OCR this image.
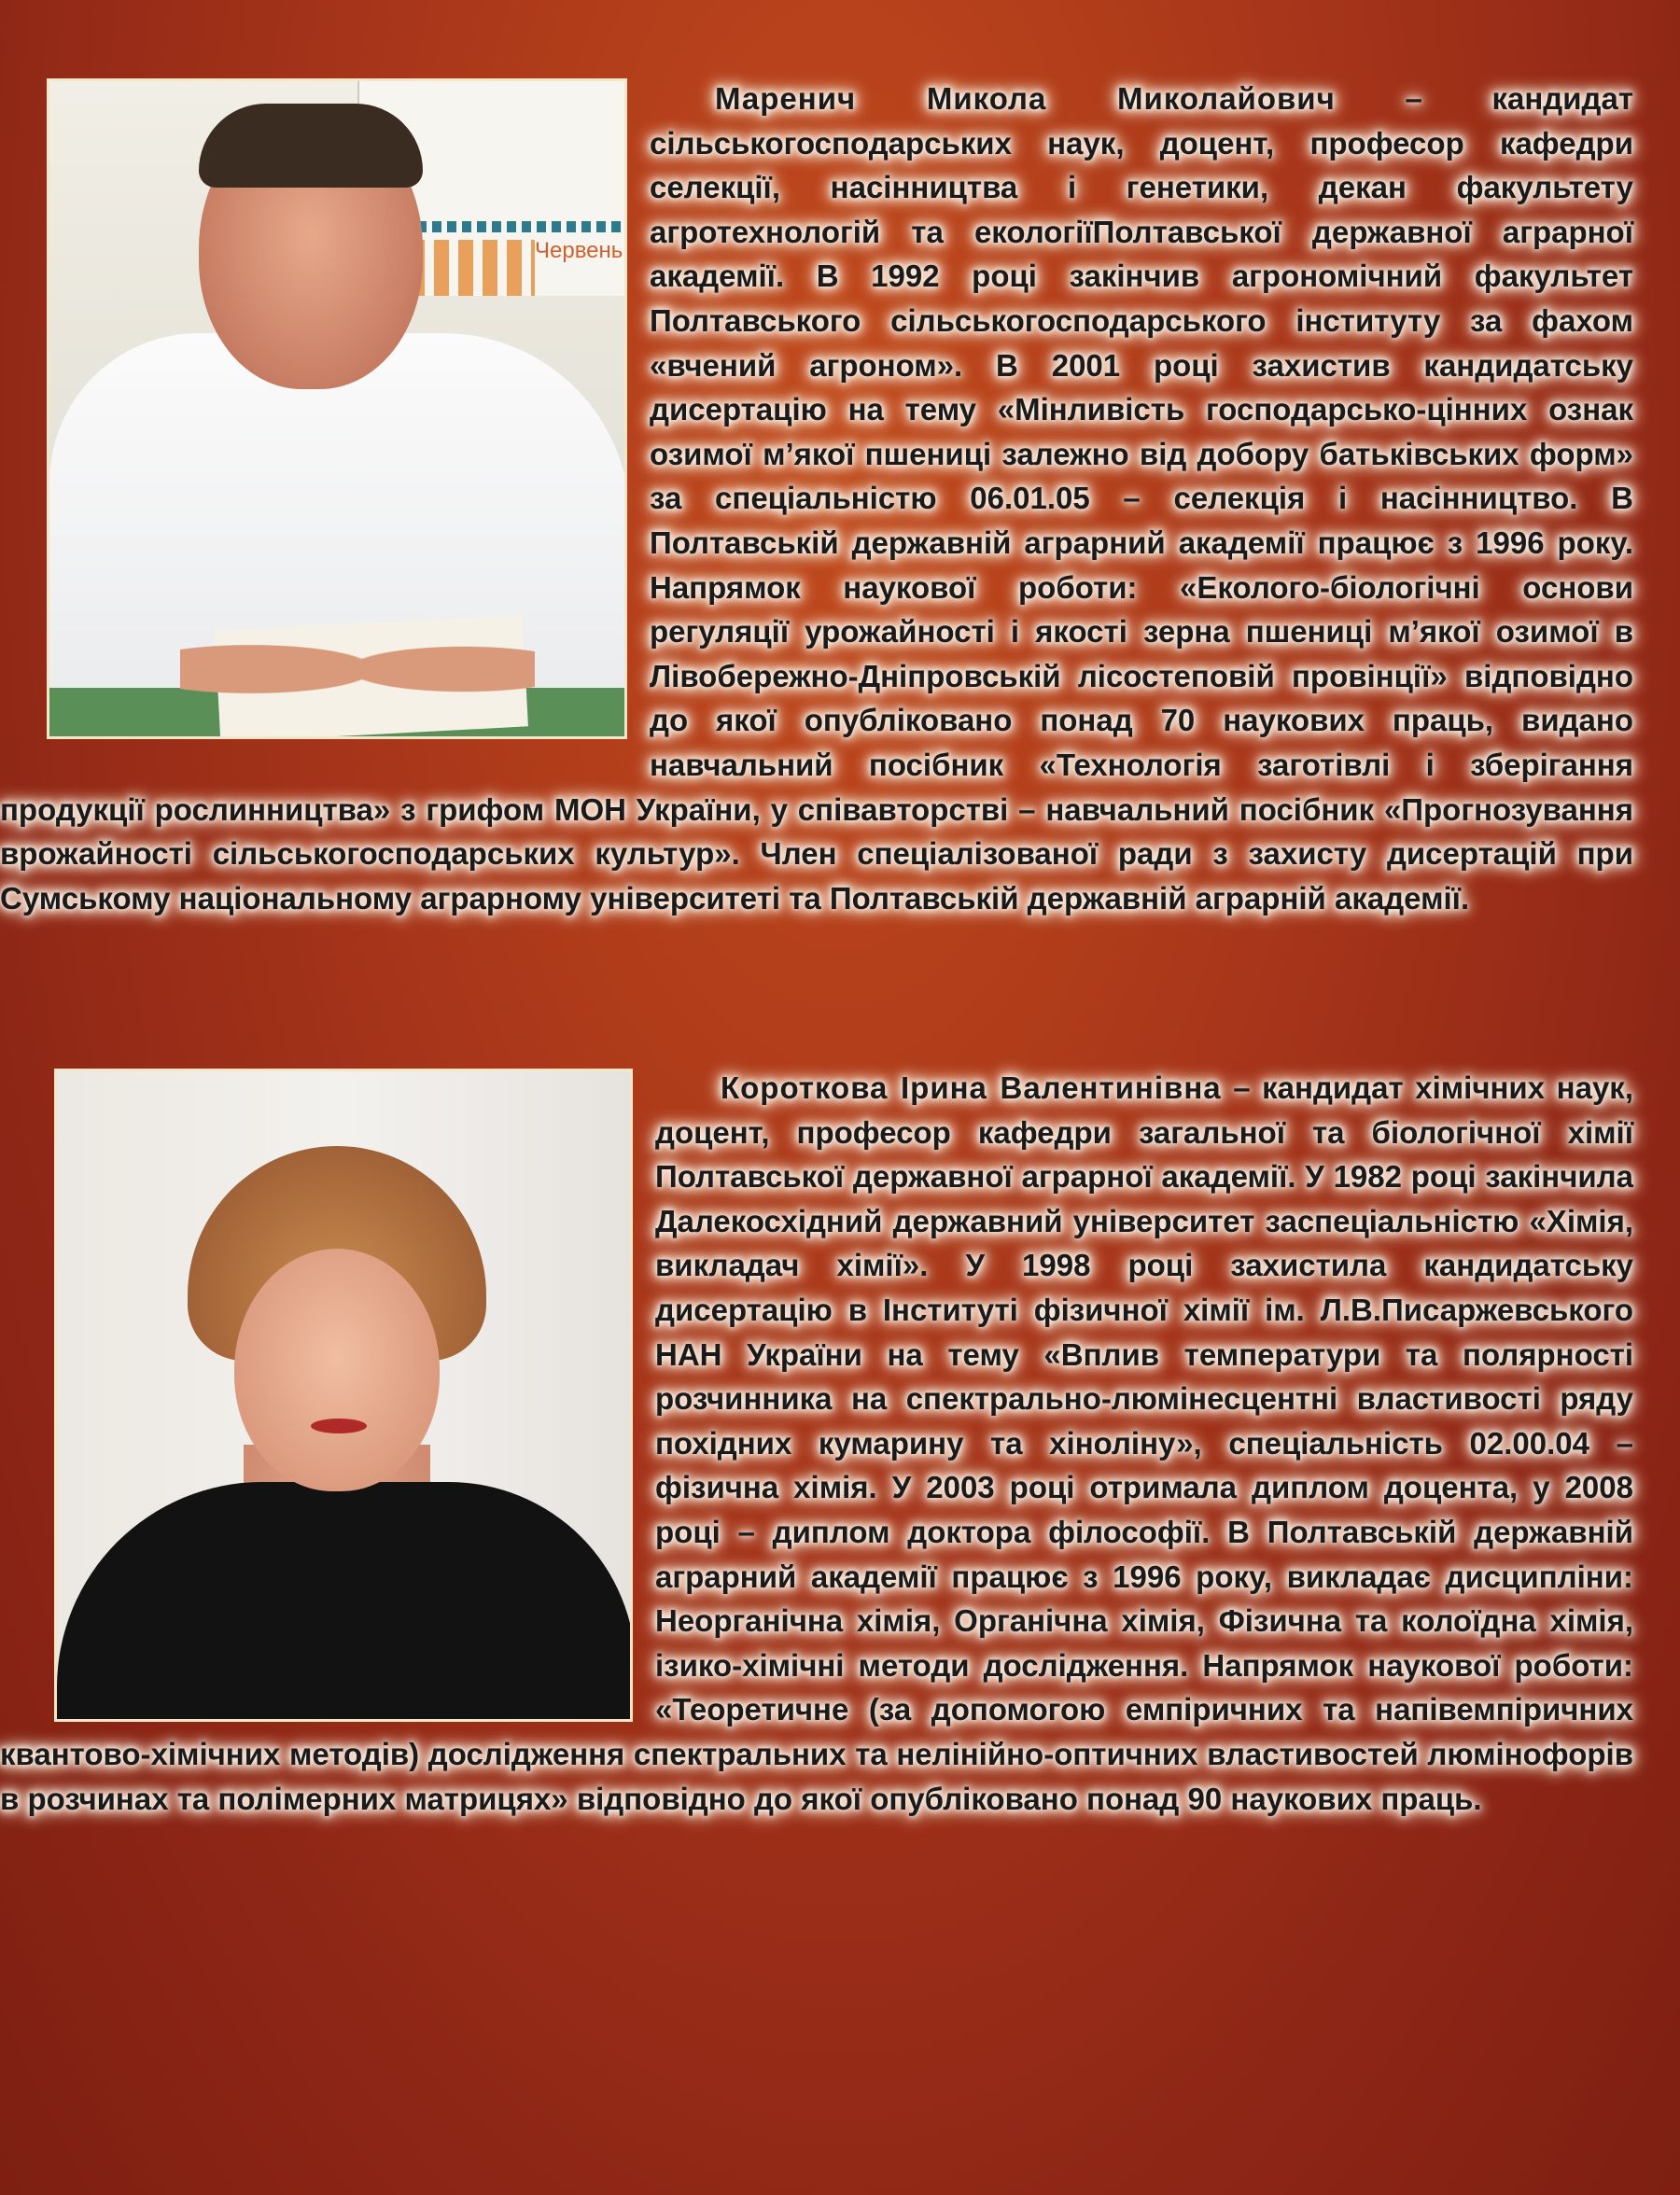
Червень

Маренич Микола Миколайович – кандидат сільськогосподарських наук, доцент, професор кафедри селекції, насінництва і генетики, декан факультету агротехнологій та екологіїПолтавської державної аграрної академії. В 1992 році закінчив агрономічний факультет Полтавського сільськогосподарського інституту за фахом «вчений агроном». В 2001 році захистив кандидатську дисертацію на тему «Мінливість господарсько-цінних ознак озимої м’якої пшениці залежно від добору батьківських форм» за спеціальністю 06.01.05 – селекція і насінництво. В Полтавській державній аграрний академії працює з 1996 року. Напрямок наукової роботи: «Еколого-біологічні основи регуляції урожайності і якості зерна пшениці м’якої озимої в Лівобережно-Дніпровській лісостеповій провінції» відповідно до якої опубліковано понад 70 наукових праць, видано навчальний посібник «Технологія заготівлі і зберігання продукції рослинництва» з грифом МОН України, у співавторстві – навчальний посібник «Прогнозування врожайності сільськогосподарських культур». Член спеціалізованої ради з захисту дисертацій при Сумському національному аграрному університеті та Полтавській державній аграрній академії.

Короткова Ірина Валентинівна – кандидат хімічних наук, доцент, професор кафедри загальної та біологічної хімії Полтавської державної аграрної академії. У 1982 році закінчила Далекосхідний державний університет заспеціальністю «Хімія, викладач хімії». У 1998 році захистила кандидатську дисертацію в Інституті фізичної хімії ім. Л.В.Писаржевського НАН України на тему «Вплив температури та полярності розчинника на спектрально-люмінесцентні властивості ряду похідних кумарину та хіноліну», спеціальність 02.00.04 – фізична хімія. У 2003 році отримала диплом доцента, у 2008 році – диплом доктора філософії. В Полтавській державній аграрний академії працює з 1996 року, викладає дисципліни: Неорганічна хімія, Органічна хімія, Фізична та колоїдна хімія, ізико-хімічні методи дослідження. Напрямок наукової роботи: «Теоретичне (за допомогою емпіричних та напівемпіричних квантово-хімічних методів) дослідження спектральних та нелінійно-оптичних властивостей люмінофорів в розчинах та полімерних матрицях» відповідно до якої опубліковано понад 90 наукових праць.
